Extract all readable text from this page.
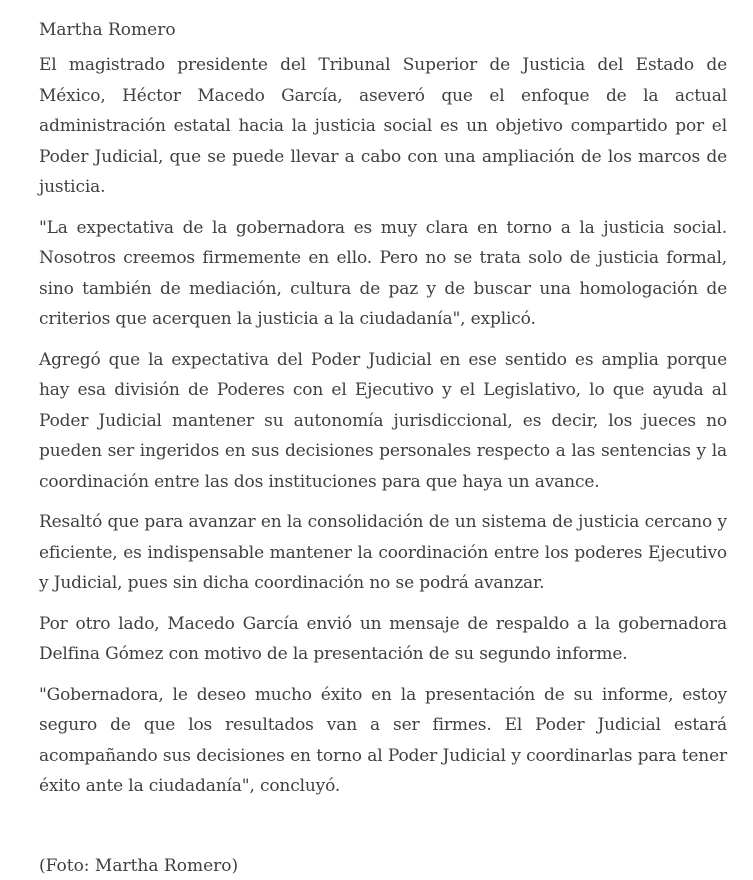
Martha Romero

El magistrado presidente del Tribunal Superior de Justicia del Estado de México, Héctor Macedo García, aseveró que el enfoque de la actual administración estatal hacia la justicia social es un objetivo compartido por el Poder Judicial, que se puede llevar a cabo con una ampliación de los marcos de justicia.

"La expectativa de la gobernadora es muy clara en torno a la justicia social. Nosotros creemos firmemente en ello. Pero no se trata solo de justicia formal, sino también de mediación, cultura de paz y de buscar una homologación de criterios que acerquen la justicia a la ciudadanía", explicó.

Agregó que la expectativa del Poder Judicial en ese sentido es amplia porque hay esa división de Poderes con el Ejecutivo y el Legislativo, lo que ayuda al Poder Judicial mantener su autonomía jurisdiccional, es decir, los jueces no pueden ser ingeridos en sus decisiones personales respecto a las sentencias y la coordinación entre las dos instituciones para que haya un avance.

Resaltó que para avanzar en la consolidación de un sistema de justicia cercano y eficiente, es indispensable mantener la coordinación entre los poderes Ejecutivo y Judicial, pues sin dicha coordinación no se podrá avanzar.

Por otro lado, Macedo García envió un mensaje de respaldo a la gobernadora Delfina Gómez con motivo de la presentación de su segundo informe.

"Gobernadora, le deseo mucho éxito en la presentación de su informe, estoy seguro de que los resultados van a ser firmes. El Poder Judicial estará acompañando sus decisiones en torno al Poder Judicial y coordinarlas para tener éxito ante la ciudadanía", concluyó.

(Foto: Martha Romero)
